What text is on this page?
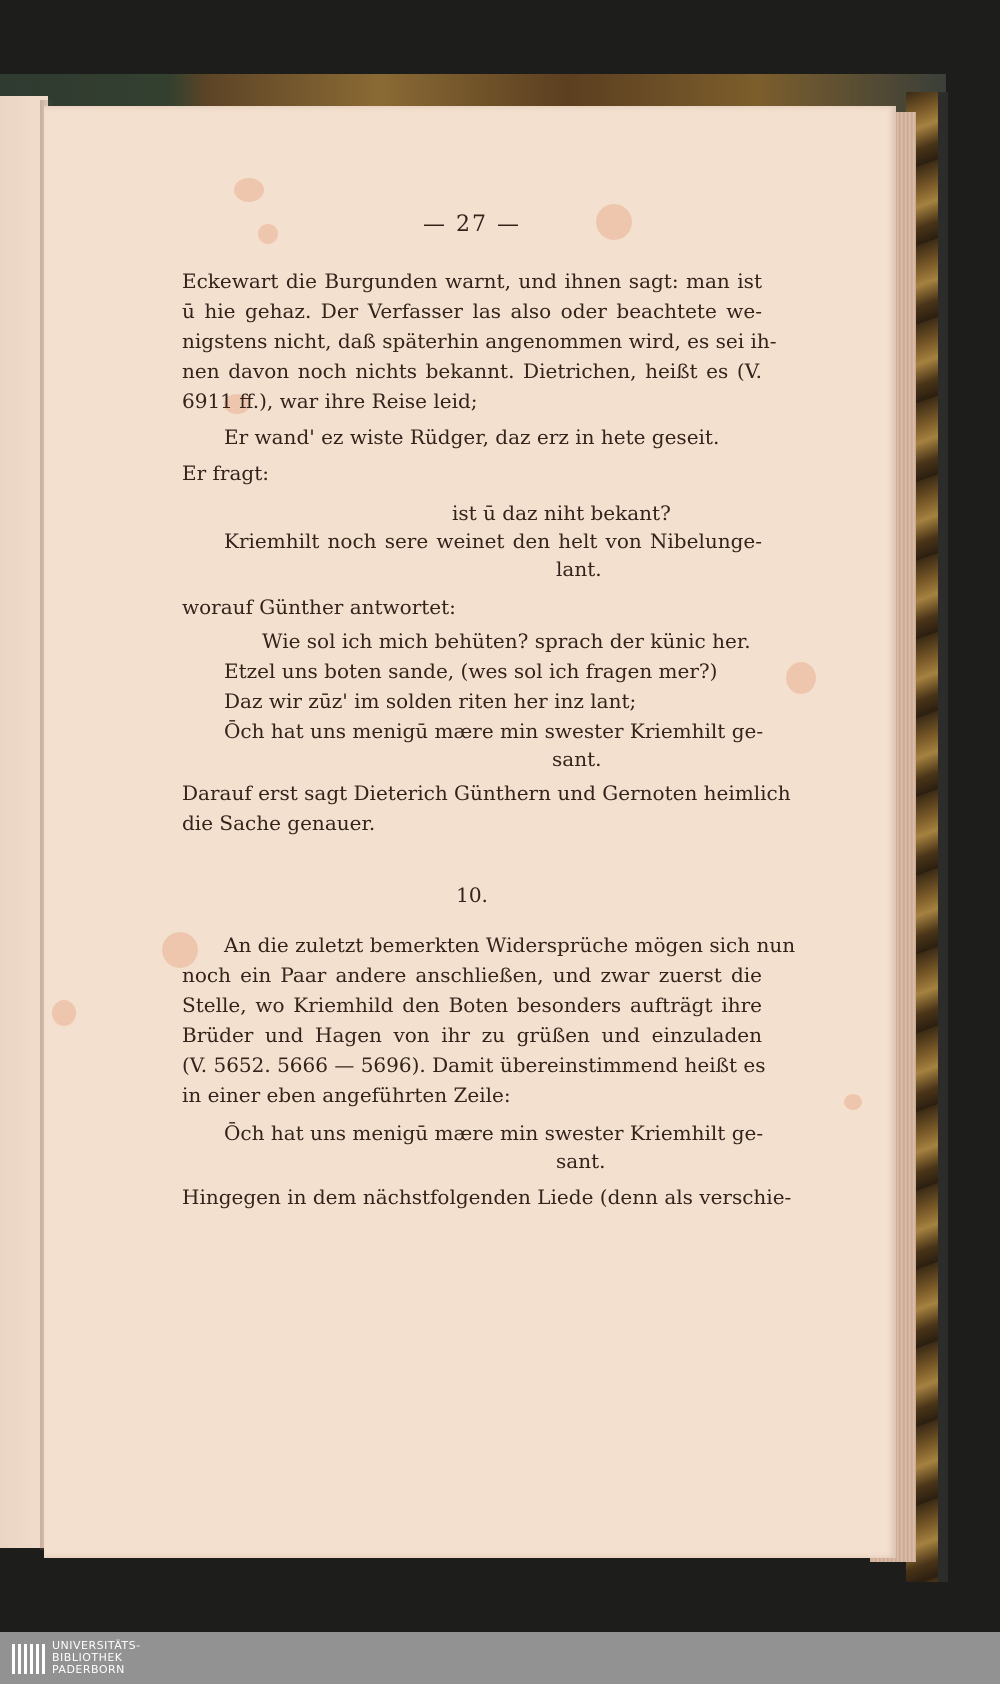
— 27 —
Eckewart die Burgunden warnt, und ihnen sagt: man ist
ū hie gehaz. Der Verfasser las also oder beachtete we-
nigstens nicht, daß späterhin angenommen wird, es sei ih-
nen davon noch nichts bekannt. Dietrichen, heißt es (V.
6911 ff.), war ihre Reise leid;
Er wand' ez wiste Rüdger, daz erz in hete geseit.
Er fragt:
ist ū daz niht bekant?
Kriemhilt noch sere weinet den helt von Nibelunge-
lant.
worauf Günther antwortet:
Wie sol ich mich behüten? sprach der künic her.
Etzel uns boten sande, (wes sol ich fragen mer?)
Daz wir zūz' im solden riten her inz lant;
Ōch hat uns menigū mære min swester Kriemhilt ge-
sant.
Darauf erst sagt Dieterich Günthern und Gernoten heimlich
die Sache genauer.
10.
An die zuletzt bemerkten Widersprüche mögen sich nun
noch ein Paar andere anschließen, und zwar zuerst die
Stelle, wo Kriemhild den Boten besonders aufträgt ihre
Brüder und Hagen von ihr zu grüßen und einzuladen
(V. 5652. 5666 — 5696). Damit übereinstimmend heißt es
in einer eben angeführten Zeile:
Ōch hat uns menigū mære min swester Kriemhilt ge-
sant.
Hingegen in dem nächstfolgenden Liede (denn als verschie-
UNIVERSITÄTS-
BIBLIOTHEK
PADERBORN
